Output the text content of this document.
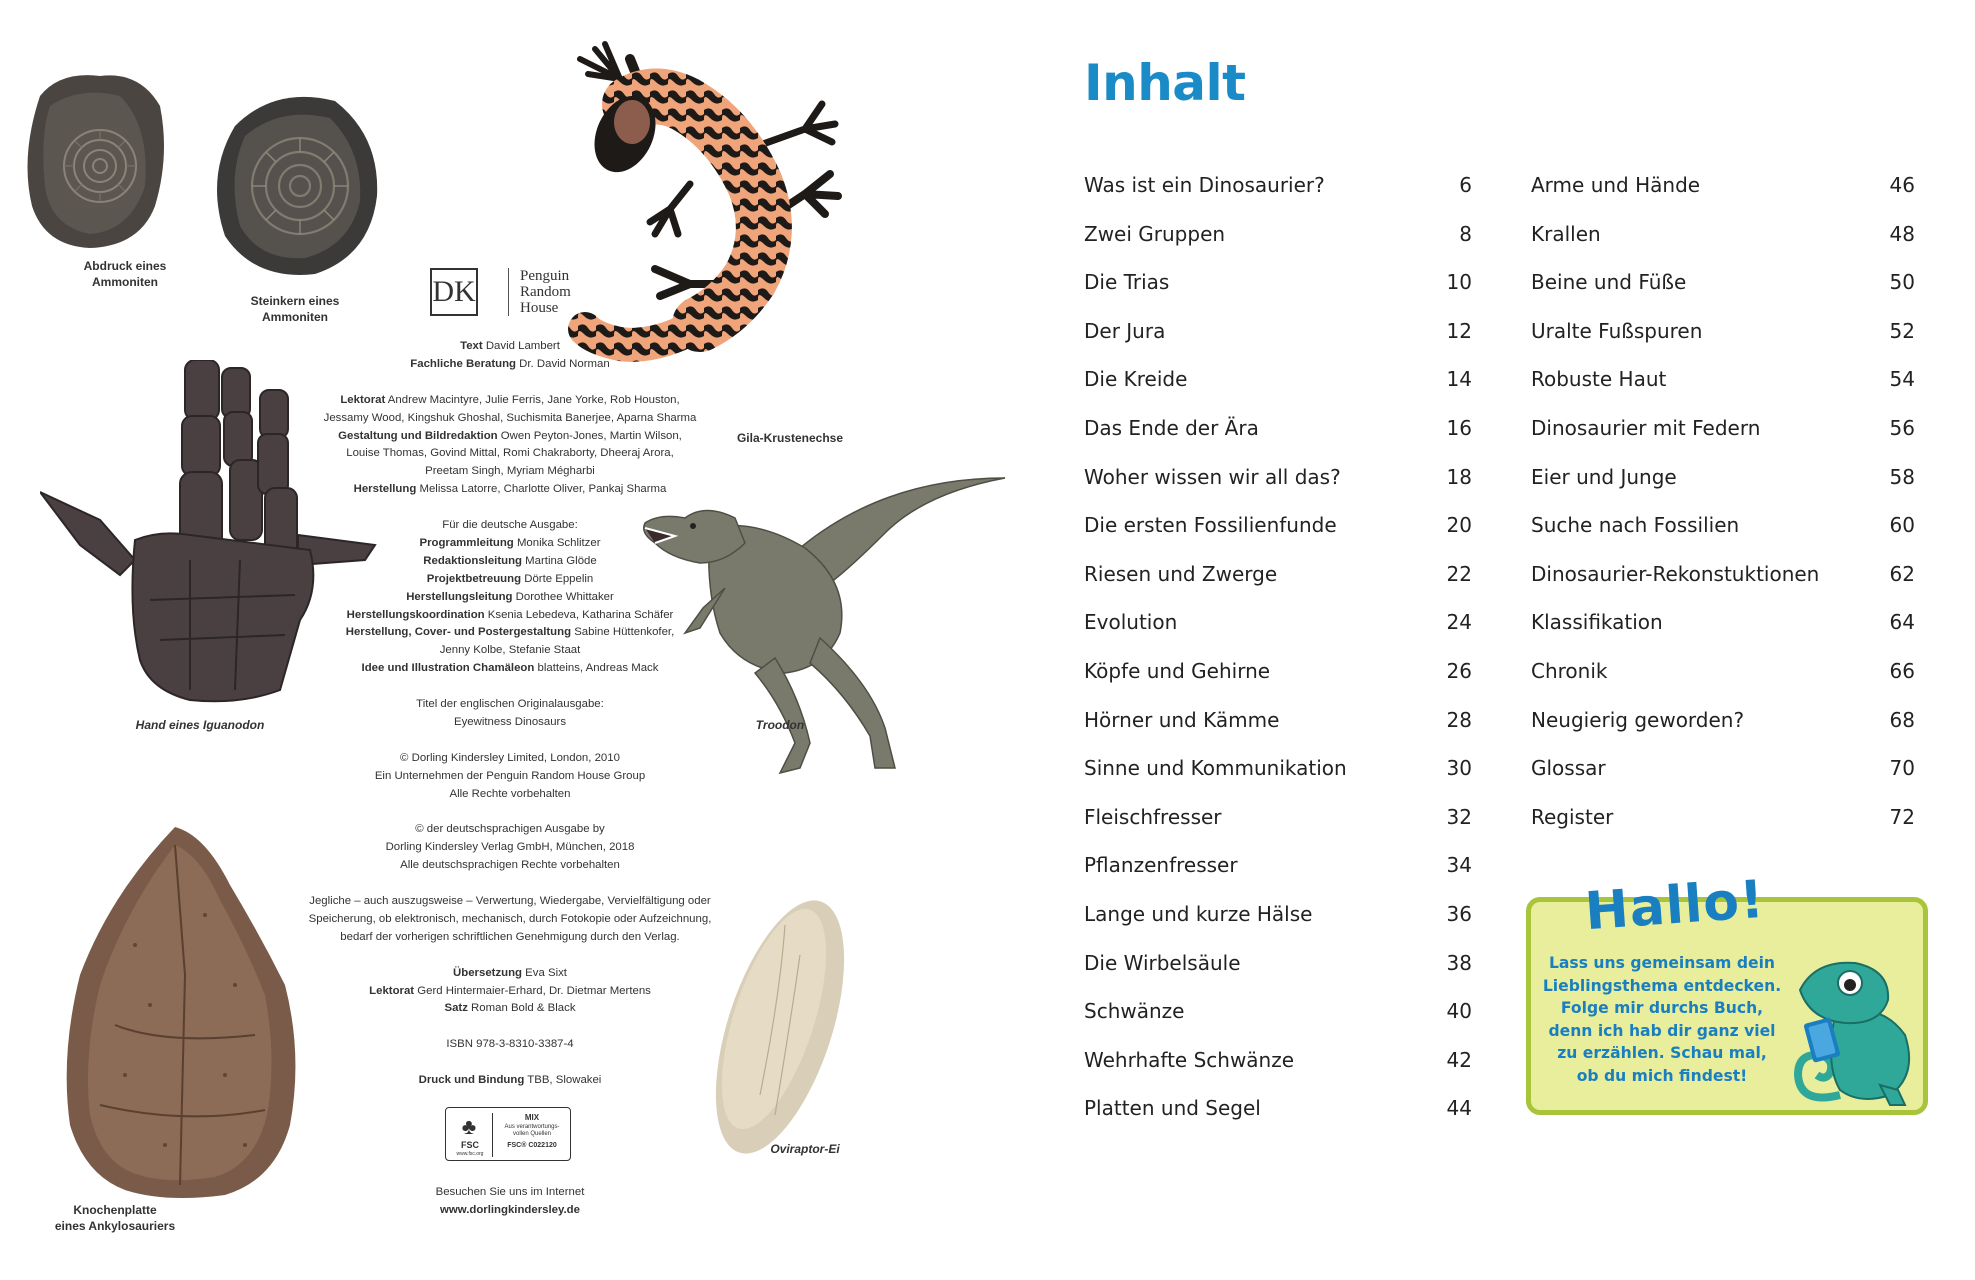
Abdruck eines
Ammoniten
Steinkern eines
Ammoniten
DK	Penguin
Random
House
Gila-Krustenechse
Hand eines Iguanodon	Troodon
Knochenplatte
eines Ankylosauriers
Oviraptor-Ei
Text David Lambert
Fachliche Beratung Dr. David Norman
Lektorat Andrew Macintyre, Julie Ferris, Jane Yorke, Rob Houston,
Jessamy Wood, Kingshuk Ghoshal, Suchismita Banerjee, Aparna Sharma
Gestaltung und Bildredaktion Owen Peyton-Jones, Martin Wilson,
Louise Thomas, Govind Mittal, Romi Chakraborty, Dheeraj Arora,
Preetam Singh, Myriam Mégharbi
Herstellung Melissa Latorre, Charlotte Oliver, Pankaj Sharma
Für die deutsche Ausgabe:
Programmleitung Monika Schlitzer
Redaktionsleitung Martina Glöde
Projektbetreuung Dörte Eppelin
Herstellungsleitung Dorothee Whittaker
Herstellungskoordination Ksenia Lebedeva, Katharina Schäfer
Herstellung, Cover- und Postergestaltung Sabine Hüttenkofer,
Jenny Kolbe, Stefanie Staat
Idee und Illustration Chamäleon blatteins, Andreas Mack
Titel der englischen Originalausgabe:
Eyewitness Dinosaurs
© Dorling Kindersley Limited, London, 2010
Ein Unternehmen der Penguin Random House Group
Alle Rechte vorbehalten
© der deutschsprachigen Ausgabe by
Dorling Kindersley Verlag GmbH, München, 2018
Alle deutschsprachigen Rechte vorbehalten
Jegliche – auch auszugsweise – Verwertung, Wiedergabe, Vervielfältigung oder
Speicherung, ob elektronisch, mechanisch, durch Fotokopie oder Aufzeichnung,
bedarf der vorherigen schriftlichen Genehmigung durch den Verlag.
Übersetzung Eva Sixt
Lektorat Gerd Hintermaier-Erhard, Dr. Dietmar Mertens
Satz Roman Bold & Black
ISBN 978-3-8310-3387-4
Druck und Bindung TBB, Slowakei
♣
FSC
www.fsc.org
MIX
Aus verantwortungs-
vollen Quellen
FSC® C022120
Besuchen Sie uns im Internet
www.dorlingkindersley.de
Inhalt
Was ist ein Dinosaurier?	6
Zwei Gruppen	8
Die Trias	10
Der Jura	12
Die Kreide	14
Das Ende der Ära	16
Woher wissen wir all das?	18
Die ersten Fossilienfunde	20
Riesen und Zwerge	22
Evolution	24
Köpfe und Gehirne	26
Hörner und Kämme	28
Sinne und Kommunikation	30
Fleischfresser	32
Pflanzenfresser	34
Lange und kurze Hälse	36
Die Wirbelsäule	38
Schwänze	40
Wehrhafte Schwänze	42
Platten und Segel	44
Arme und Hände	46
Krallen	48
Beine und Füße	50
Uralte Fußspuren	52
Robuste Haut	54
Dinosaurier mit Federn	56
Eier und Junge	58
Suche nach Fossilien	60
Dinosaurier-Rekonstuktionen	62
Klassifikation	64
Chronik	66
Neugierig geworden?	68
Glossar	70
Register	72
Hallo!
Lass uns gemeinsam dein
Lieblingsthema entdecken.
Folge mir durchs Buch,
denn ich hab dir ganz viel
zu erzählen. Schau mal,
ob du mich findest!
